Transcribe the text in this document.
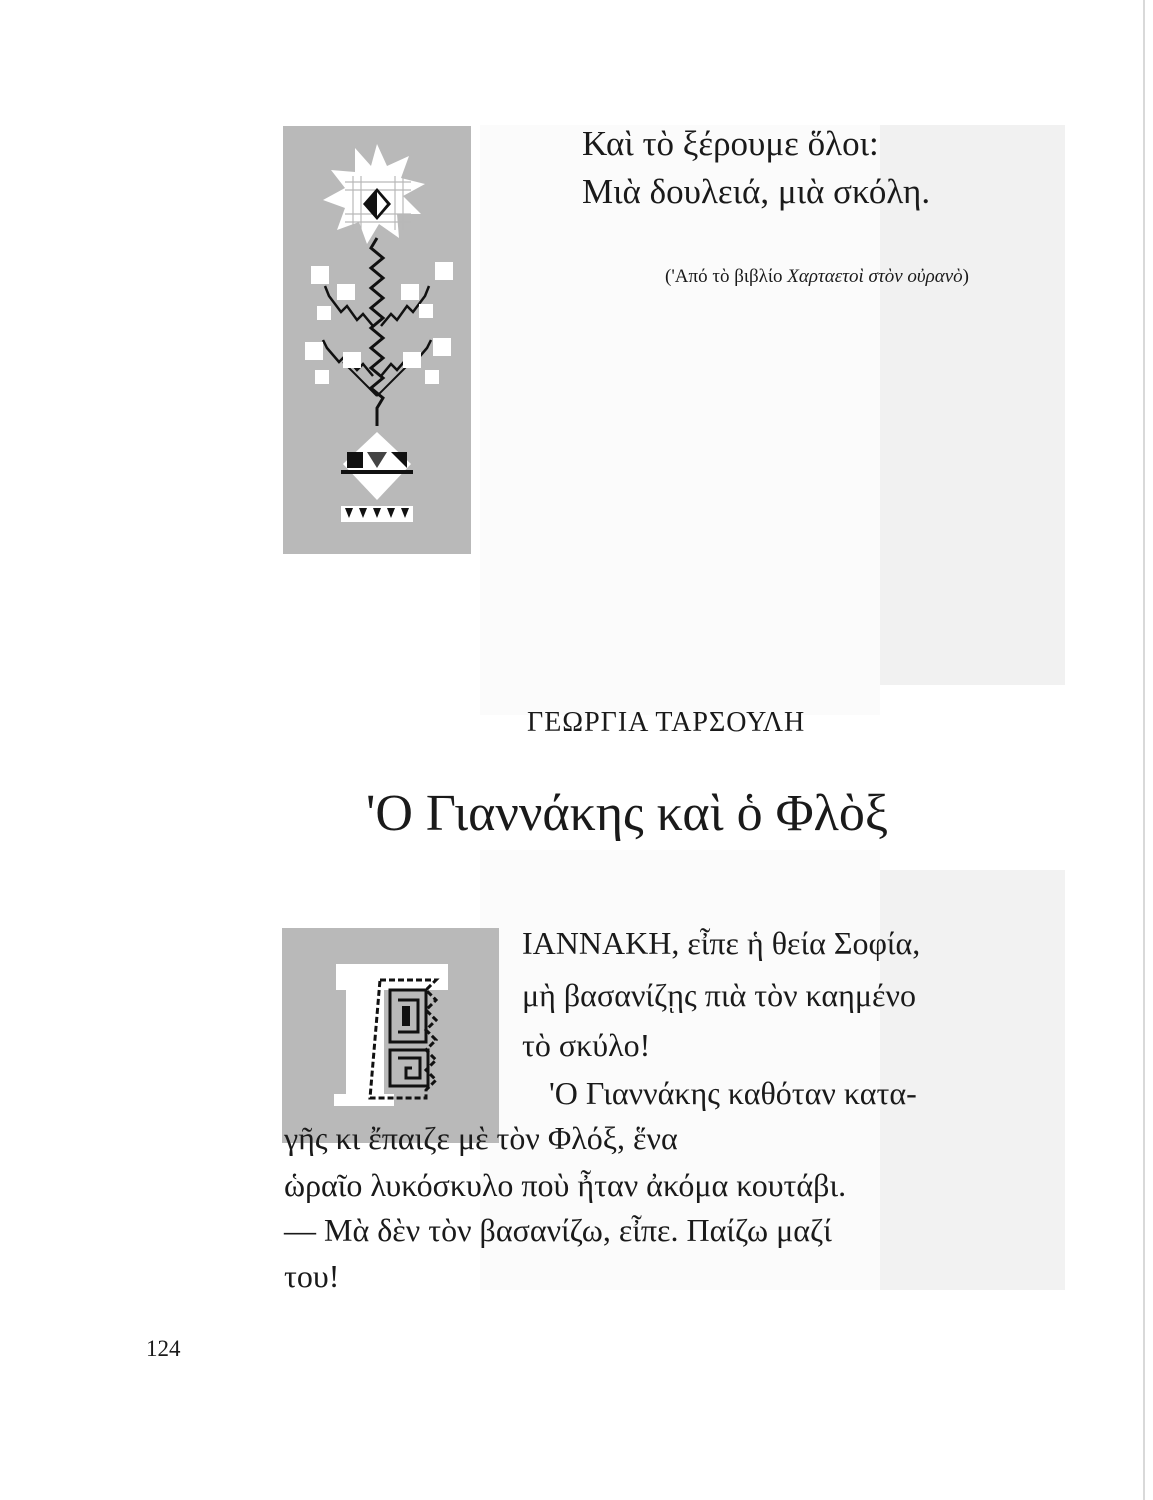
Καὶ τὸ ξέρουμε ὅλοι:
Μιὰ δουλειά, μιὰ σκόλη.
('Από τὸ βιβλίο Χαρταετοὶ στὸν οὐρανὸ)
ΓΕΩΡΓΙΑ ΤΑΡΣΟΥΛΗ
'Ο Γιαννάκης καὶ ὁ Φλὸξ
ΙΑΝΝΑΚΗ, εἶπε ἡ θεία Σοφία,
μὴ βασανίζῃς πιὰ τὸν καημένο
τὸ σκύλο!
'Ο Γιαννάκης καθόταν κατα-
γῆς κι ἔπαιζε μὲ τὸν Φλόξ, ἕνα
ὡραῖο λυκόσκυλο ποὺ ἦταν ἀκόμα κουτάβι.
— Μὰ δὲν τὸν βασανίζω, εἶπε. Παίζω μαζί
του!
124
